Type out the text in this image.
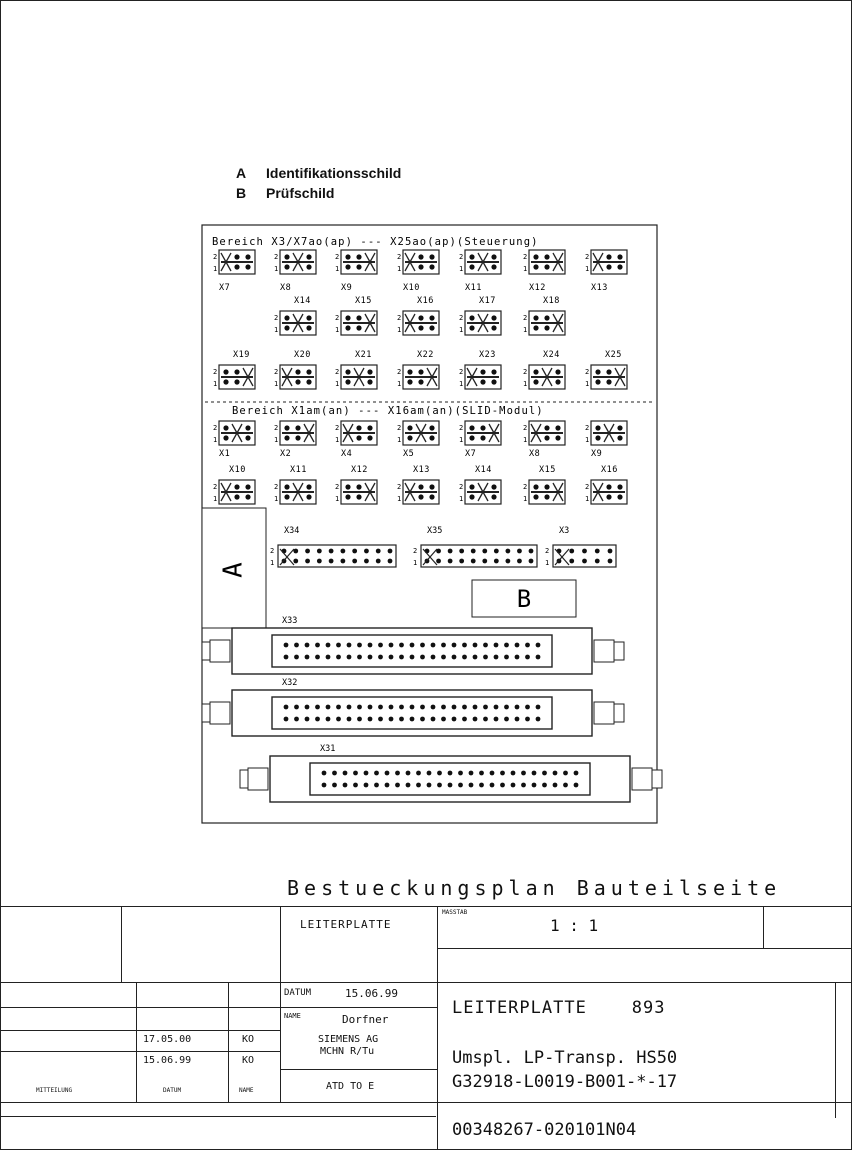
A	Identifikationsschild
B	Prüfschild
Bereich X3/X7ao(ap) --- X25ao(ap)(Steuerung)
Bereich X1am(an) --- X16am(an)(SLID-Modul)
2
1
X7
2
1
X8
2
1
X9
2
1
X10
2
1
X11
2
1
X12
2
1
X13
X14
2
1
X15
2
1
X16
2
1
X17
2
1
X18
2
1
X19
2
1
X20
2
1
X21
2
1
X22
2
1
X23
2
1
X24
2
1
X25
2
1
2
1
X1
2
1
X2
2
1
X4
2
1
X5
2
1
X7
2
1
X8
2
1
X9
X10
2
1
X11
2
1
X12
2
1
X13
2
1
X14
2
1
X15
2
1
X16
2
1
A
B
X34
2
1
X35
2
1
X3
2
1
X33
X32
X31
Bestueckungsplan Bauteilseite
LEITERPLATTE
MASSTAB
1 : 1
DATUM	15.06.99
NAME	Dorfner
SIEMENS AG
MCHN R/Tu
ATD TO E
17.05.00	KO
15.06.99	KO
MITTEILUNG	DATUM	NAME
LEITERPLATTE    893
Umspl. LP-Transp. HS50
G32918-L0019-B001-*-17
00348267-020101N04
